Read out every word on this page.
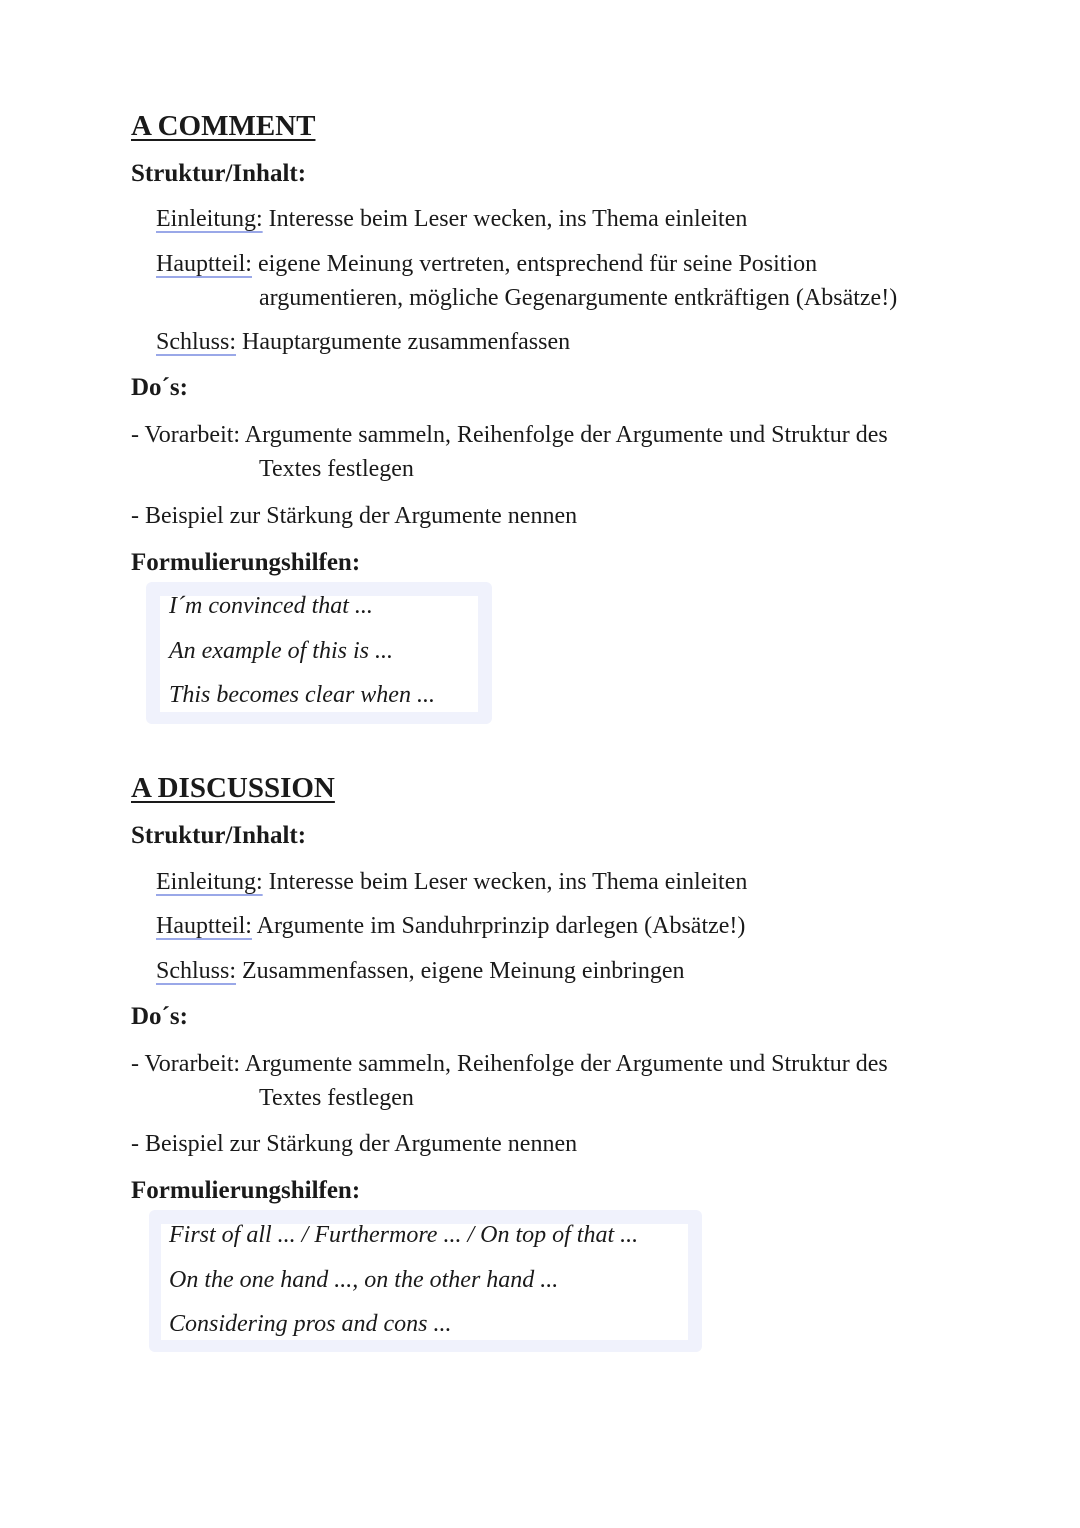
A COMMENT
Struktur/Inhalt:
Einleitung: Interesse beim Leser wecken, ins Thema einleiten
Hauptteil: eigene Meinung vertreten, entsprechend für seine Position
argumentieren, mögliche Gegenargumente entkräftigen (Absätze!)
Schluss: Hauptargumente zusammenfassen
Do´s:
- Vorarbeit: Argumente sammeln, Reihenfolge der Argumente und Struktur des
Textes festlegen
- Beispiel zur Stärkung der Argumente nennen
Formulierungshilfen:
I´m convinced that ...
An example of this is ...
This becomes clear when ...
A DISCUSSION
Struktur/Inhalt:
Einleitung: Interesse beim Leser wecken, ins Thema einleiten
Hauptteil: Argumente im Sanduhrprinzip darlegen (Absätze!)
Schluss: Zusammenfassen, eigene Meinung einbringen
Do´s:
- Vorarbeit: Argumente sammeln, Reihenfolge der Argumente und Struktur des
Textes festlegen
- Beispiel zur Stärkung der Argumente nennen
Formulierungshilfen:
First of all ... / Furthermore ... / On top of that ...
On the one hand ..., on the other hand ...
Considering pros and cons ...
